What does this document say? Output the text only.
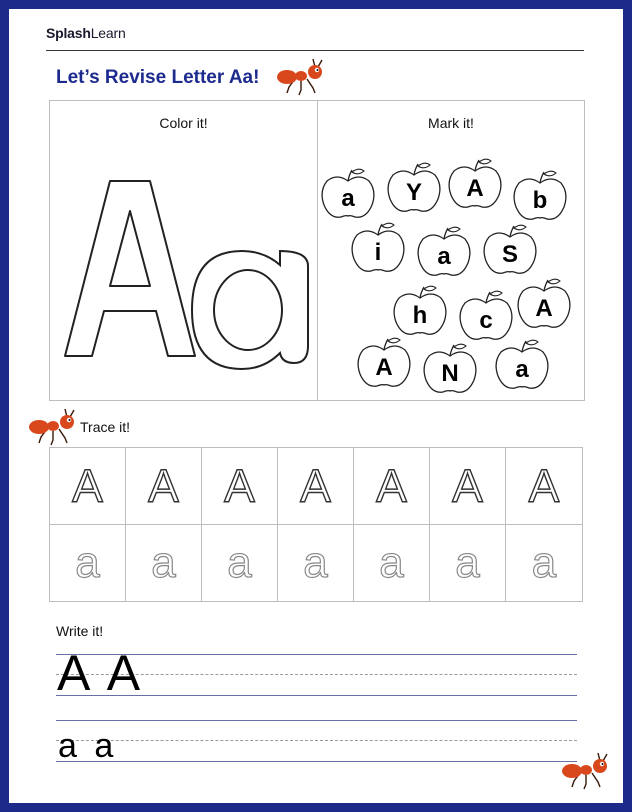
SplashLearn
Let’s Revise Letter Aa!
Color it!	Mark it!
a	Y	A	b
i	a	S
h	c	A
A	N	a
Trace it!
A A A A A A A
a a a a a a a
Write it!
A A
a a
